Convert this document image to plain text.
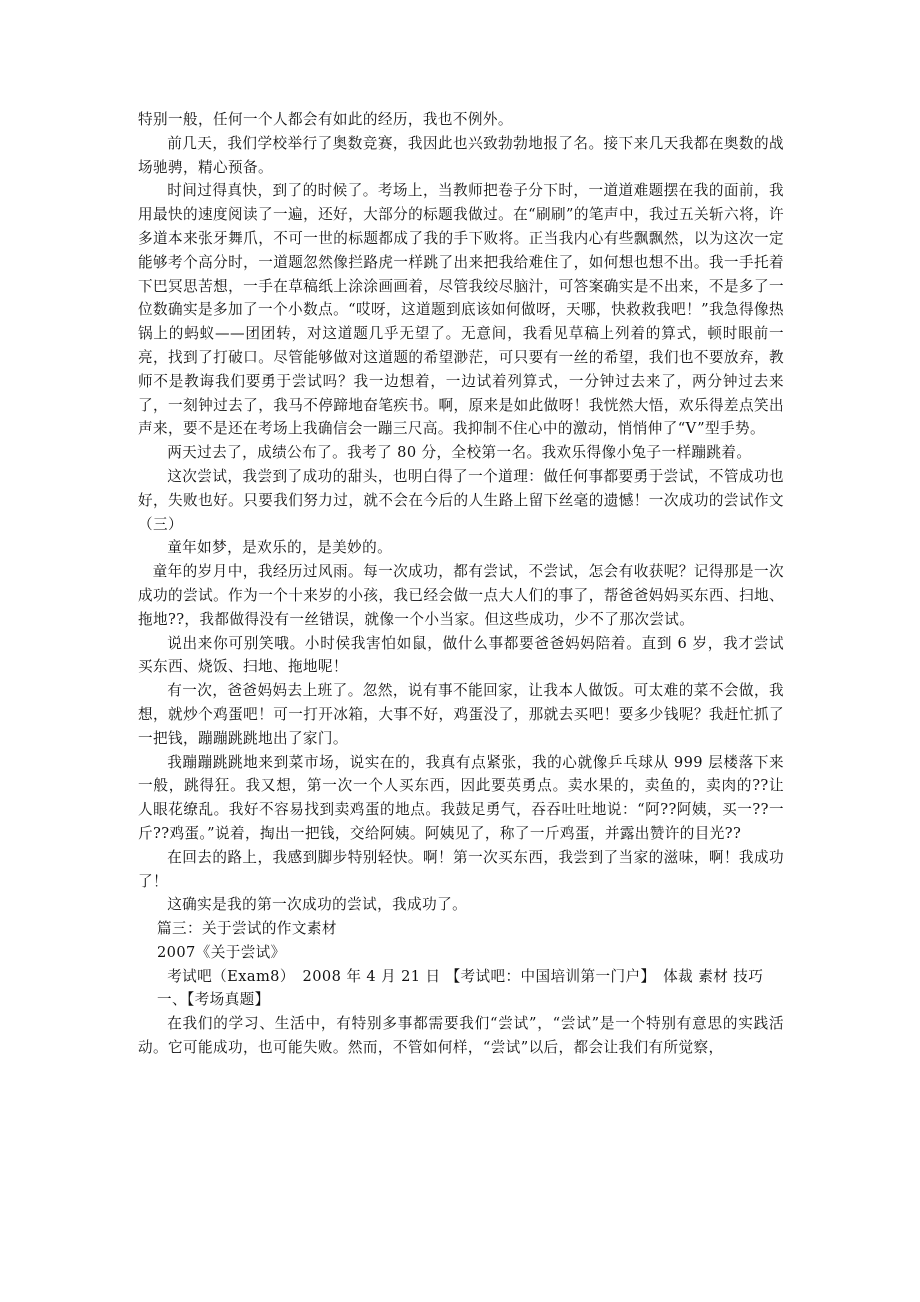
特别一般，任何一个人都会有如此的经历，我也不例外。

前几天，我们学校举行了奥数竞赛，我因此也兴致勃勃地报了名。接下来几天我都在奥数的战场驰骋，精心预备。

时间过得真快，到了的时候了。考场上，当教师把卷子分下时，一道道难题摆在我的面前，我用最快的速度阅读了一遍，还好，大部分的标题我做过。在“刷刷”的笔声中，我过五关斩六将，许多道本来张牙舞爪，不可一世的标题都成了我的手下败将。正当我内心有些飘飘然，以为这次一定能够考个高分时，一道题忽然像拦路虎一样跳了出来把我给难住了，如何想也想不出。我一手托着下巴冥思苦想，一手在草稿纸上涂涂画画着，尽管我绞尽脑汁，可答案确实是不出来，不是多了一位数确实是多加了一个小数点。“哎呀，这道题到底该如何做呀，天哪，快救救我吧！”我急得像热锅上的蚂蚁——团团转，对这道题几乎无望了。无意间，我看见草稿上列着的算式，顿时眼前一亮，找到了打破口。尽管能够做对这道题的希望渺茫，可只要有一丝的希望，我们也不要放弃，教师不是教诲我们要勇于尝试吗？我一边想着，一边试着列算式，一分钟过去来了，两分钟过去来了，一刻钟过去了，我马不停蹄地奋笔疾书。啊，原来是如此做呀！我恍然大悟，欢乐得差点笑出声来，要不是还在考场上我确信会一蹦三尺高。我抑制不住心中的激动，悄悄伸了“V”型手势。

两天过去了，成绩公布了。我考了 80 分，全校第一名。我欢乐得像小兔子一样蹦跳着。

这次尝试，我尝到了成功的甜头，也明白得了一个道理：做任何事都要勇于尝试，不管成功也好，失败也好。只要我们努力过，就不会在今后的人生路上留下丝毫的遗憾！一次成功的尝试作文（三）

童年如梦，是欢乐的，是美妙的。

童年的岁月中，我经历过风雨。每一次成功，都有尝试，不尝试，怎会有收获呢？记得那是一次成功的尝试。作为一个十来岁的小孩，我已经会做一点大人们的事了，帮爸爸妈妈买东西、扫地、拖地??，我都做得没有一丝错误，就像一个小当家。但这些成功，少不了那次尝试。

说出来你可别笑哦。小时侯我害怕如鼠，做什么事都要爸爸妈妈陪着。直到 6 岁，我才尝试买东西、烧饭、扫地、拖地呢！

有一次，爸爸妈妈去上班了。忽然，说有事不能回家，让我本人做饭。可太难的菜不会做，我想，就炒个鸡蛋吧！可一打开冰箱，大事不好，鸡蛋没了，那就去买吧！要多少钱呢？我赶忙抓了一把钱，蹦蹦跳跳地出了家门。

我蹦蹦跳跳地来到菜市场，说实在的，我真有点紧张，我的心就像乒乓球从 999 层楼落下来一般，跳得狂。我又想，第一次一个人买东西，因此要英勇点。卖水果的，卖鱼的，卖肉的??让人眼花缭乱。我好不容易找到卖鸡蛋的地点。我鼓足勇气，吞吞吐吐地说：“阿??阿姨，买一??一斤??鸡蛋。”说着，掏出一把钱，交给阿姨。阿姨见了，称了一斤鸡蛋，并露出赞许的目光??

在回去的路上，我感到脚步特别轻快。啊！第一次买东西，我尝到了当家的滋味，啊！我成功了！

这确实是我的第一次成功的尝试，我成功了。

篇三：关于尝试的作文素材

2007《关于尝试》

考试吧（Exam8）　2008 年 4 月 21 日 【考试吧：中国培训第一门户】　体裁 素材 技巧

一、【考场真题】

在我们的学习、生活中，有特别多事都需要我们“尝试”，“尝试”是一个特别有意思的实践活动。它可能成功，也可能失败。然而，不管如何样，“尝试”以后，都会让我们有所觉察，
